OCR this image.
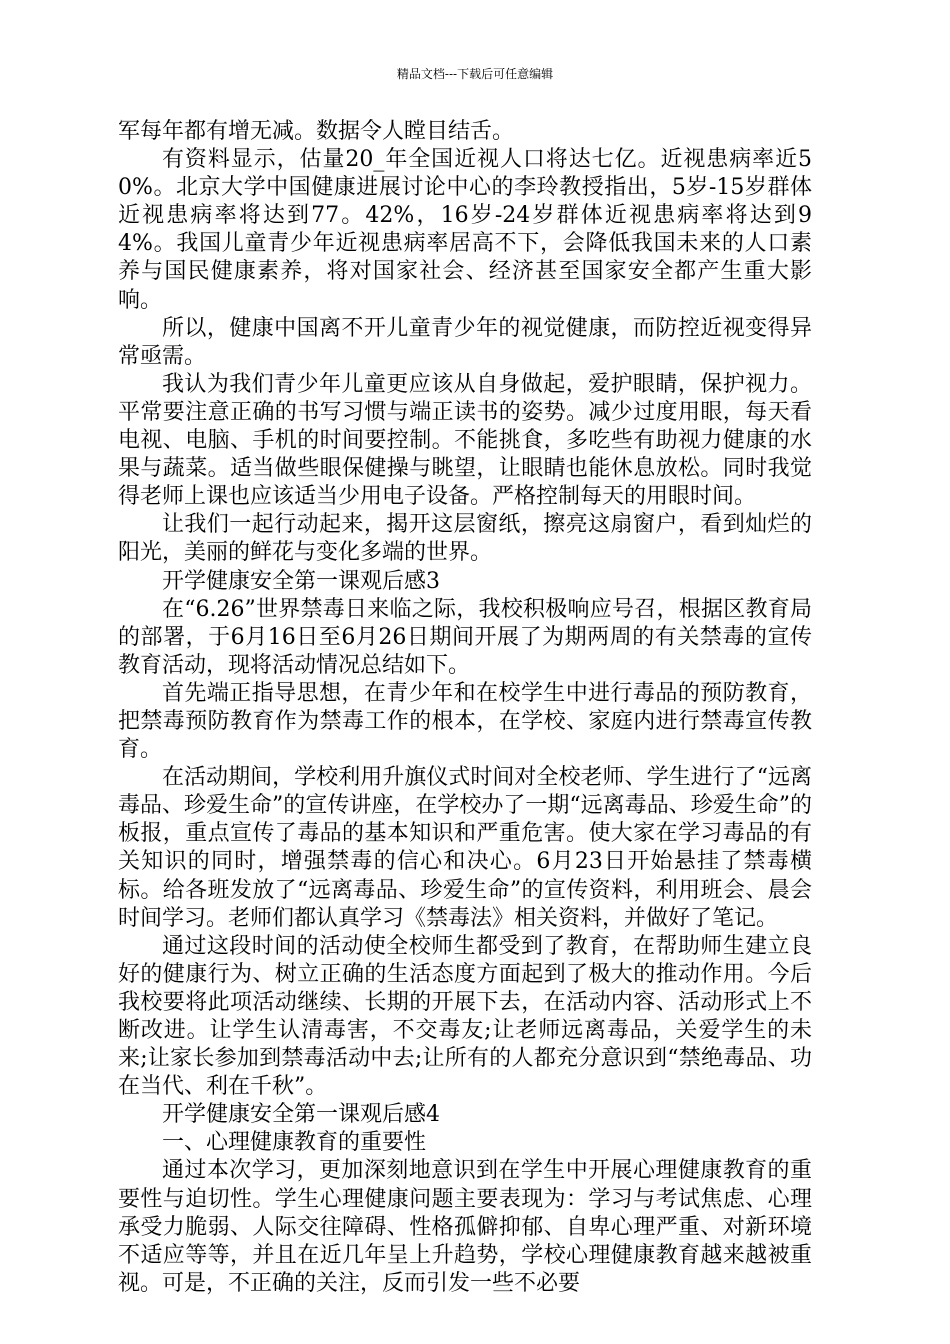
精品文档---下载后可任意编辑

军每年都有增无减。数据令人瞠目结舌。

有资料显示，估量20_年全国近视人口将达七亿。近视患病率近50%。北京大学中国健康进展讨论中心的李玲教授指出，5岁-15岁群体近视患病率将达到77。42%，16岁-24岁群体近视患病率将达到94%。我国儿童青少年近视患病率居高不下，会降低我国未来的人口素养与国民健康素养，将对国家社会、经济甚至国家安全都产生重大影响。

所以，健康中国离不开儿童青少年的视觉健康，而防控近视变得异常亟需。

我认为我们青少年儿童更应该从自身做起，爱护眼睛，保护视力。平常要注意正确的书写习惯与端正读书的姿势。减少过度用眼，每天看电视、电脑、手机的时间要控制。不能挑食，多吃些有助视力健康的水果与蔬菜。适当做些眼保健操与眺望，让眼睛也能休息放松。同时我觉得老师上课也应该适当少用电子设备。严格控制每天的用眼时间。

让我们一起行动起来，揭开这层窗纸，擦亮这扇窗户，看到灿烂的阳光，美丽的鲜花与变化多端的世界。

开学健康安全第一课观后感3

在“6.26”世界禁毒日来临之际，我校积极响应号召，根据区教育局的部署，于6月16日至6月26日期间开展了为期两周的有关禁毒的宣传教育活动，现将活动情况总结如下。

首先端正指导思想，在青少年和在校学生中进行毒品的预防教育，把禁毒预防教育作为禁毒工作的根本，在学校、家庭内进行禁毒宣传教育。

在活动期间，学校利用升旗仪式时间对全校老师、学生进行了“远离毒品、珍爱生命”的宣传讲座，在学校办了一期“远离毒品、珍爱生命”的板报，重点宣传了毒品的基本知识和严重危害。使大家在学习毒品的有关知识的同时，增强禁毒的信心和决心。6月23日开始悬挂了禁毒横标。给各班发放了“远离毒品、珍爱生命”的宣传资料，利用班会、晨会时间学习。老师们都认真学习《禁毒法》相关资料，并做好了笔记。

通过这段时间的活动使全校师生都受到了教育，在帮助师生建立良好的健康行为、树立正确的生活态度方面起到了极大的推动作用。今后我校要将此项活动继续、长期的开展下去，在活动内容、活动形式上不断改进。让学生认清毒害，不交毒友;让老师远离毒品，关爱学生的未来;让家长参加到禁毒活动中去;让所有的人都充分意识到“禁绝毒品、功在当代、利在千秋”。

开学健康安全第一课观后感4

一、心理健康教育的重要性

通过本次学习，更加深刻地意识到在学生中开展心理健康教育的重要性与迫切性。学生心理健康问题主要表现为：学习与考试焦虑、心理承受力脆弱、人际交往障碍、性格孤僻抑郁、自卑心理严重、对新环境不适应等等，并且在近几年呈上升趋势，学校心理健康教育越来越被重视。可是，不正确的关注，反而引发一些不必要
